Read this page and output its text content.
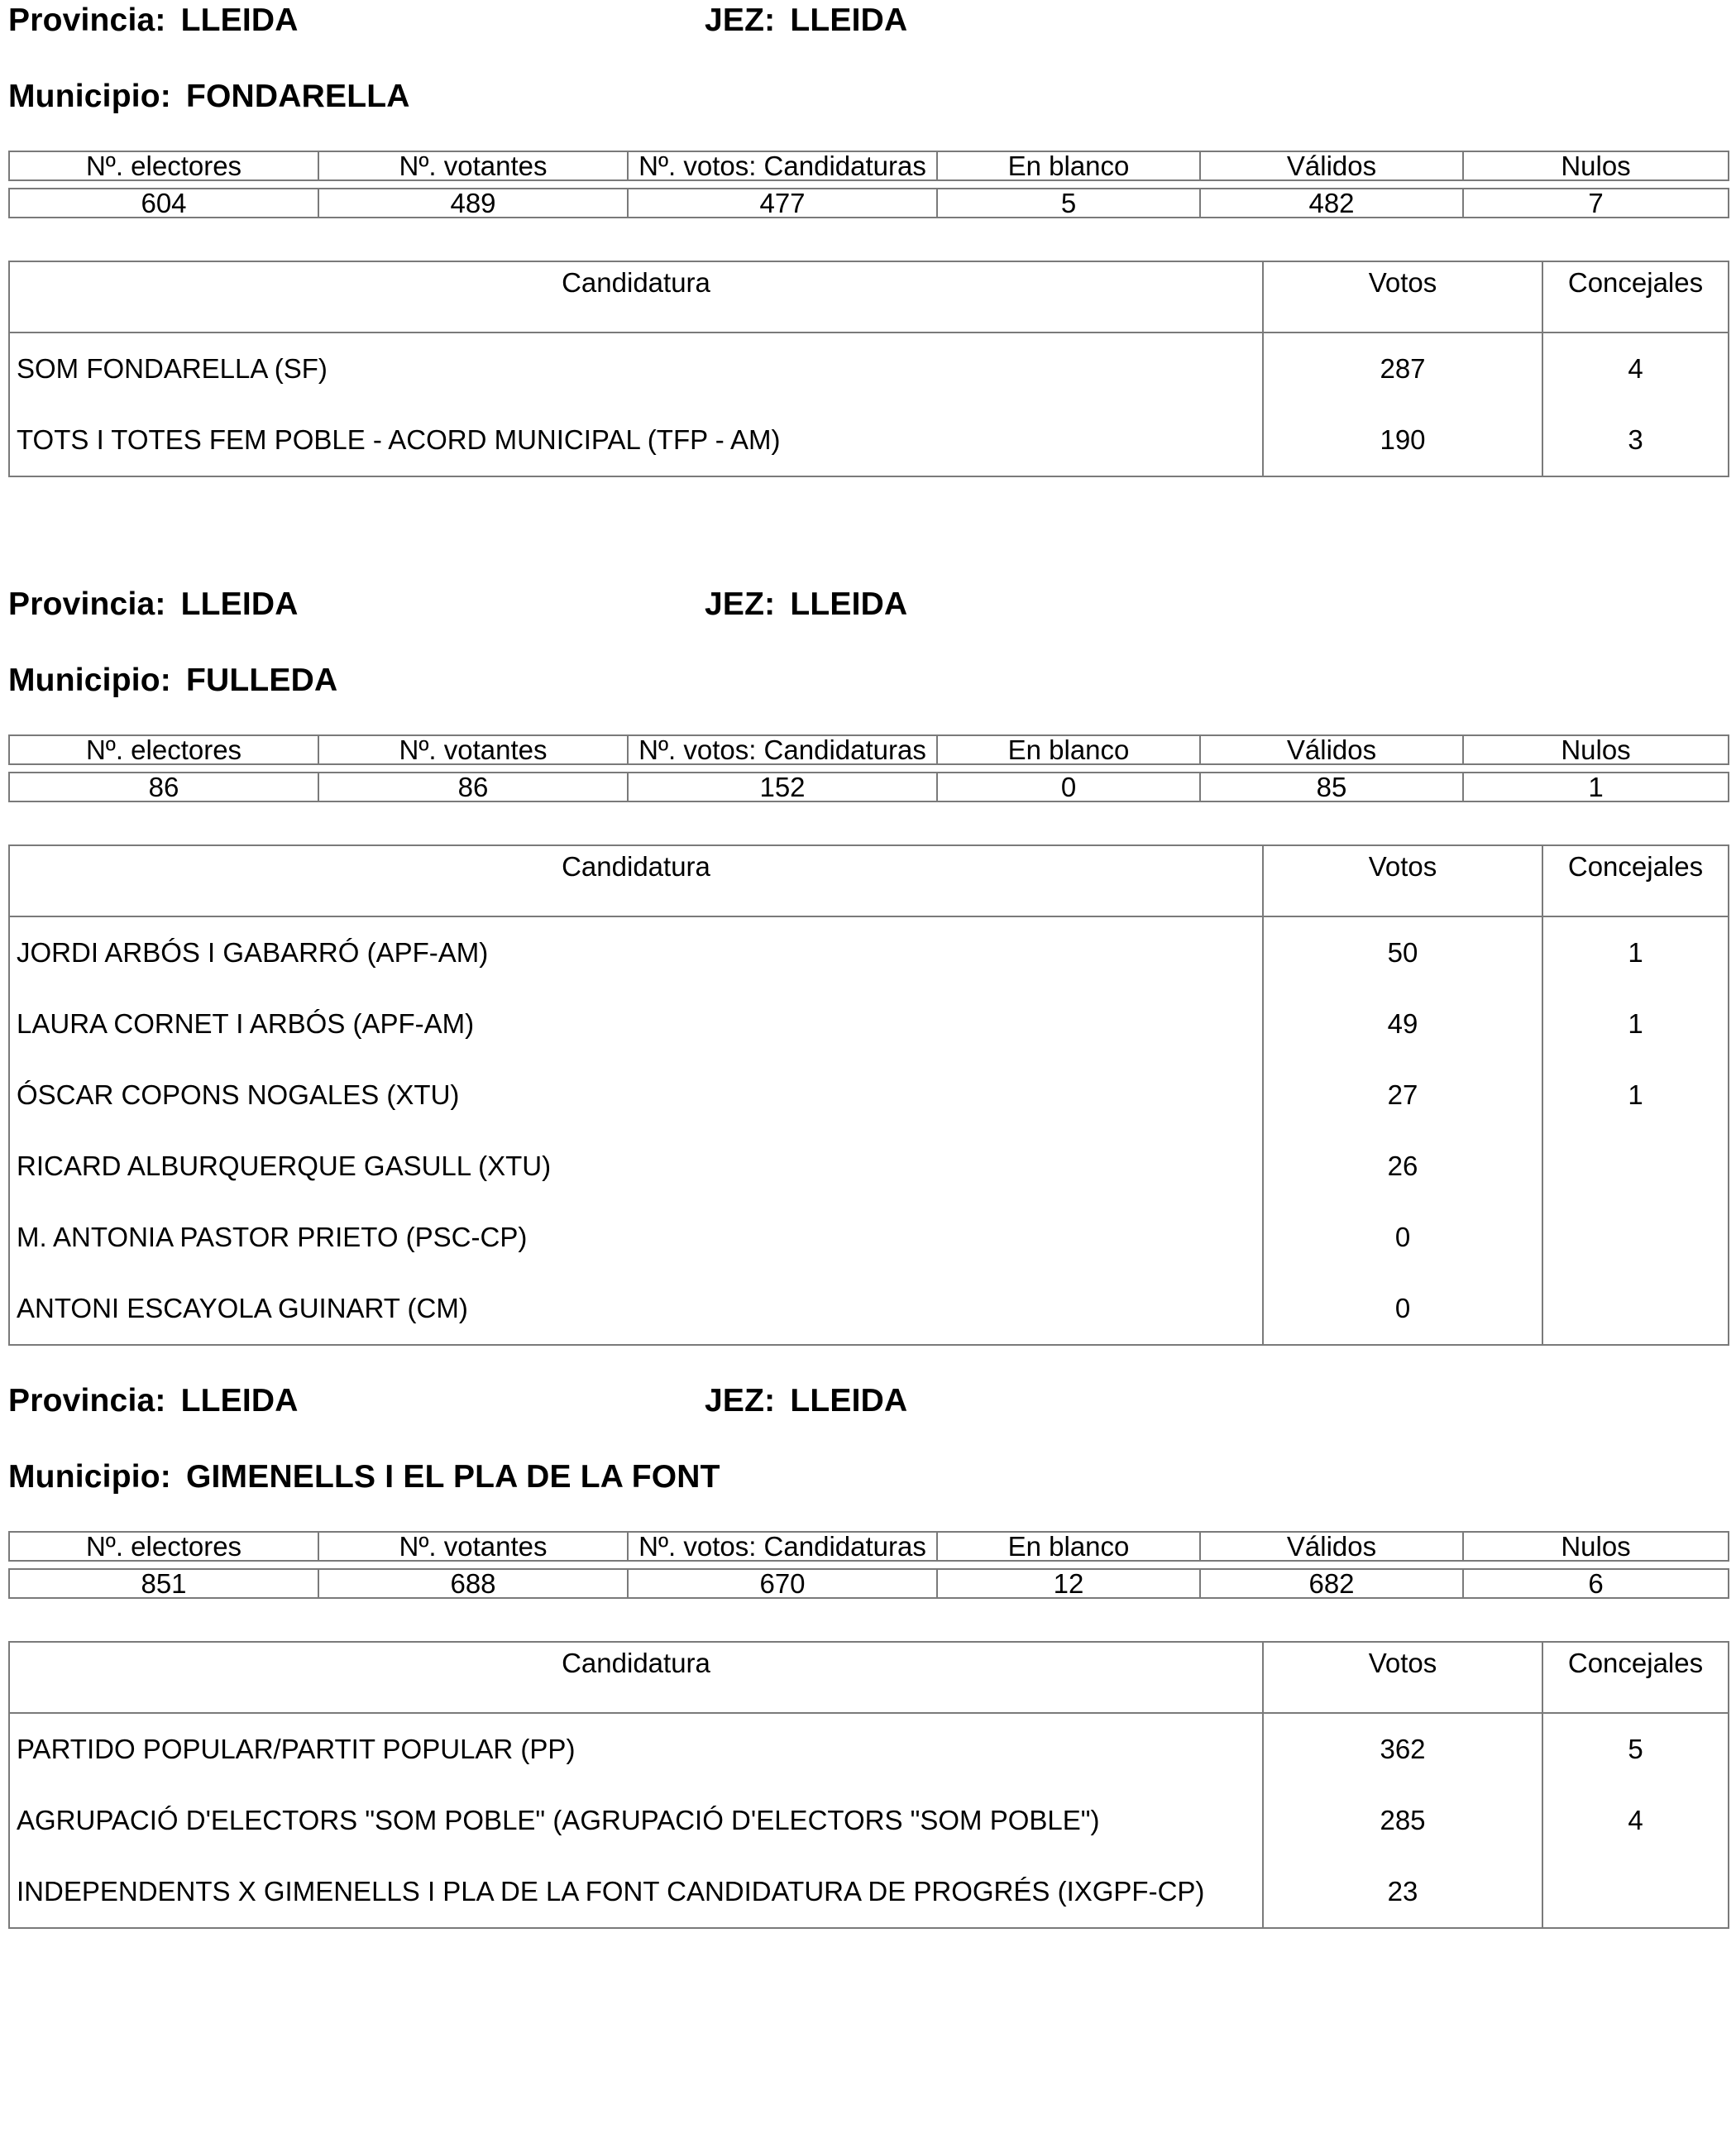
Provincia: LLEIDA	JEZ: LLEIDA
Municipio: FONDARELLA
Nº. electores	Nº. votantes	Nº. votos: Candidaturas	En blanco	Válidos	Nulos

604	489	477	5	482	7
Candidatura	Votos	Concejales
SOM FONDARELLA (SF)	287	4
TOTS I TOTES FEM POBLE - ACORD MUNICIPAL (TFP - AM)	190	3
Provincia: LLEIDA	JEZ: LLEIDA
Municipio: FULLEDA
Nº. electores	Nº. votantes	Nº. votos: Candidaturas	En blanco	Válidos	Nulos

86	86	152	0	85	1
Candidatura	Votos	Concejales
JORDI ARBÓS I GABARRÓ (APF-AM)	50	1
LAURA CORNET I ARBÓS (APF-AM)	49	1
ÓSCAR COPONS NOGALES (XTU)	27	1
RICARD ALBURQUERQUE GASULL (XTU)	26	
M. ANTONIA PASTOR PRIETO (PSC-CP)	0	
ANTONI ESCAYOLA GUINART (CM)	0	
Provincia: LLEIDA	JEZ: LLEIDA
Municipio: GIMENELLS I EL PLA DE LA FONT
Nº. electores	Nº. votantes	Nº. votos: Candidaturas	En blanco	Válidos	Nulos

851	688	670	12	682	6
Candidatura	Votos	Concejales
PARTIDO POPULAR/PARTIT POPULAR (PP)	362	5
AGRUPACIÓ D'ELECTORS "SOM POBLE" (AGRUPACIÓ D'ELECTORS "SOM POBLE")	285	4
INDEPENDENTS X GIMENELLS I PLA DE LA FONT CANDIDATURA DE PROGRÉS (IXGPF-CP)	23	
